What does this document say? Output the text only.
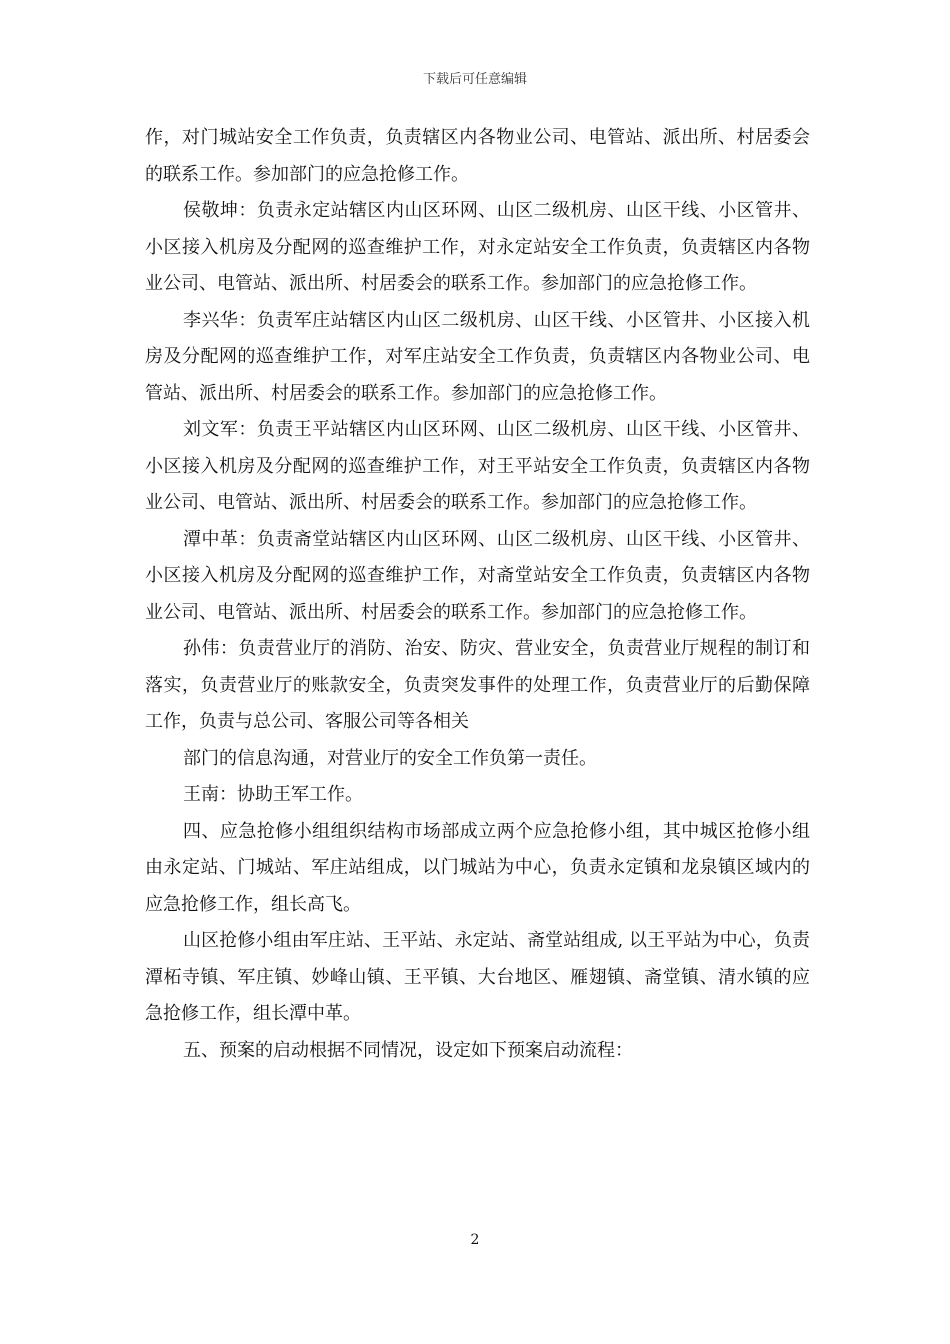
下载后可任意编辑

作，对门城站安全工作负责，负责辖区内各物业公司、电管站、派出所、村居委会的联系工作。参加部门的应急抢修工作。

侯敬坤：负责永定站辖区内山区环网、山区二级机房、山区干线、小区管井、小区接入机房及分配网的巡查维护工作，对永定站安全工作负责，负责辖区内各物业公司、电管站、派出所、村居委会的联系工作。参加部门的应急抢修工作。

李兴华：负责军庄站辖区内山区二级机房、山区干线、小区管井、小区接入机房及分配网的巡查维护工作，对军庄站安全工作负责，负责辖区内各物业公司、电管站、派出所、村居委会的联系工作。参加部门的应急抢修工作。

刘文军：负责王平站辖区内山区环网、山区二级机房、山区干线、小区管井、小区接入机房及分配网的巡查维护工作，对王平站安全工作负责，负责辖区内各物业公司、电管站、派出所、村居委会的联系工作。参加部门的应急抢修工作。

潭中革：负责斋堂站辖区内山区环网、山区二级机房、山区干线、小区管井、小区接入机房及分配网的巡查维护工作，对斋堂站安全工作负责，负责辖区内各物业公司、电管站、派出所、村居委会的联系工作。参加部门的应急抢修工作。

孙伟：负责营业厅的消防、治安、防灾、营业安全，负责营业厅规程的制订和落实，负责营业厅的账款安全，负责突发事件的处理工作，负责营业厅的后勤保障工作，负责与总公司、客服公司等各相关

部门的信息沟通，对营业厅的安全工作负第一责任。

王南：协助王军工作。

四、应急抢修小组组织结构市场部成立两个应急抢修小组，其中城区抢修小组由永定站、门城站、军庄站组成，以门城站为中心，负责永定镇和龙泉镇区域内的应急抢修工作，组长高飞。

山区抢修小组由军庄站、王平站、永定站、斋堂站组成, 以王平站为中心，负责潭柘寺镇、军庄镇、妙峰山镇、王平镇、大台地区、雁翅镇、斋堂镇、清水镇的应急抢修工作，组长潭中革。

五、预案的启动根据不同情况，设定如下预案启动流程：

2
